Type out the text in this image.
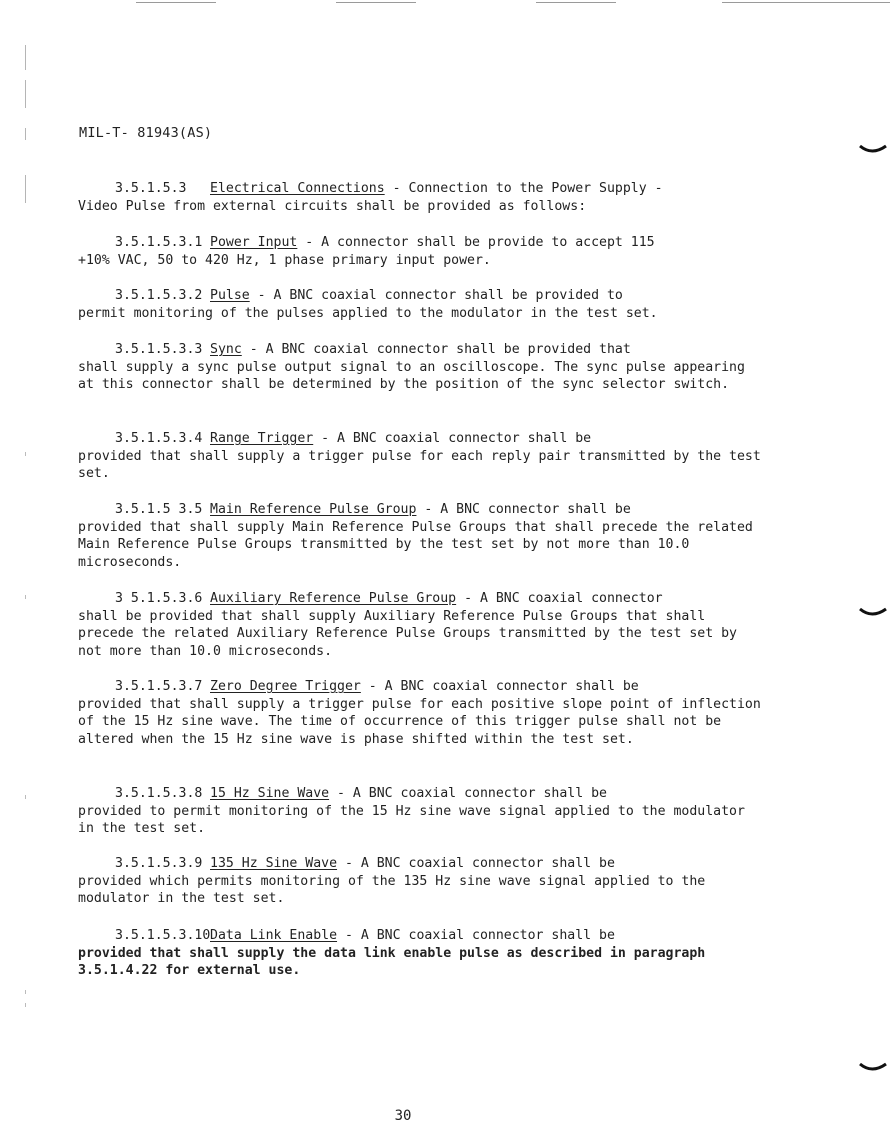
MIL-T- 81943(AS)

3.5.1.5.3 Electrical Connections - Connection to the Power Supply -
Video Pulse from external circuits shall be provided as follows:

3.5.1.5.3.1 Power Input - A connector shall be provide to accept 115
+10% VAC, 50 to 420 Hz, 1 phase primary input power.

3.5.1.5.3.2 Pulse - A BNC coaxial connector shall be provided to
permit monitoring of the pulses applied to the modulator in the test set.

3.5.1.5.3.3 Sync - A BNC coaxial connector shall be provided that
shall supply a sync pulse output signal to an oscilloscope. The sync pulse appearing at this connector shall be determined by the position of the sync selector switch.

3.5.1.5.3.4 Range Trigger - A BNC coaxial connector shall be
provided that shall supply a trigger pulse for each reply pair transmitted by the test set.

3.5.1.5 3.5 Main Reference Pulse Group - A BNC connector shall be
provided that shall supply Main Reference Pulse Groups that shall precede the related Main Reference Pulse Groups transmitted by the test set by not more than 10.0 microseconds.

3 5.1.5.3.6 Auxiliary Reference Pulse Group - A BNC coaxial connector
shall be provided that shall supply Auxiliary Reference Pulse Groups that shall precede the related Auxiliary Reference Pulse Groups transmitted by the test set by not more than 10.0 microseconds.

3.5.1.5.3.7 Zero Degree Trigger - A BNC coaxial connector shall be
provided that shall supply a trigger pulse for each positive slope point of inflection of the 15 Hz sine wave. The time of occurrence of this trigger pulse shall not be altered when the 15 Hz sine wave is phase shifted within the test set.

3.5.1.5.3.8 15 Hz Sine Wave - A BNC coaxial connector shall be
provided to permit monitoring of the 15 Hz sine wave signal applied to the modulator in the test set.

3.5.1.5.3.9 135 Hz Sine Wave - A BNC coaxial connector shall be
provided which permits monitoring of the 135 Hz sine wave signal applied to the modulator in the test set.

3.5.1.5.3.10Data Link Enable - A BNC coaxial connector shall be
provided that shall supply the data link enable pulse as described in paragraph 3.5.1.4.22 for external use.

30
